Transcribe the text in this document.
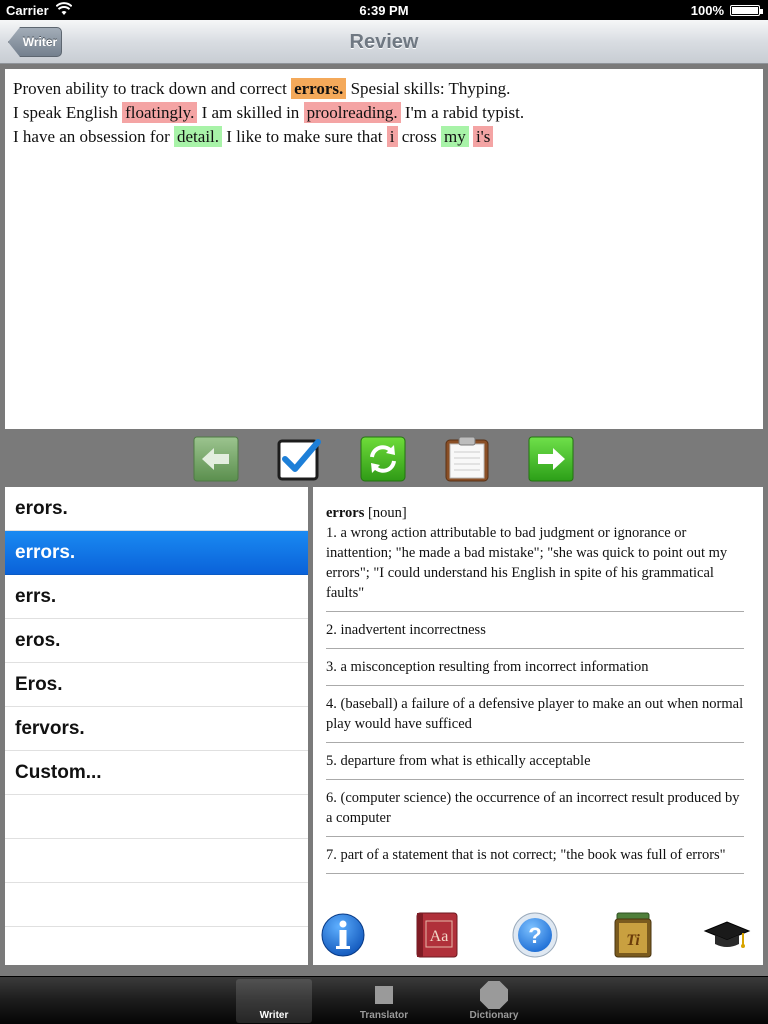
Carrier	6:39 PM	100%
Review
Writer
Proven ability to track down and correct errors. Spesial skills: Thyping.
I speak English floatingly. I am skilled in proolreading. I'm a rabid typist.
I have an obsession for detail. I like to make sure that i cross my i's
erors.
errors.
errs.
eros.
Eros.
fervors.
Custom...
errors [noun]
1. a wrong action attributable to bad judgment or ignorance or inattention; "he made a bad mistake"; "she was quick to point out my errors"; "I could understand his English in spite of his grammatical faults"
2. inadvertent incorrectness
3. a misconception resulting from incorrect information
4. (baseball) a failure of a defensive player to make an out when normal play would have sufficed
5. departure from what is ethically acceptable
6. (computer science) the occurrence of an incorrect result produced by a computer
7. part of a statement that is not correct; "the book was full of errors"
Aa	?	Ti
Writer	Translator	Dictionary
